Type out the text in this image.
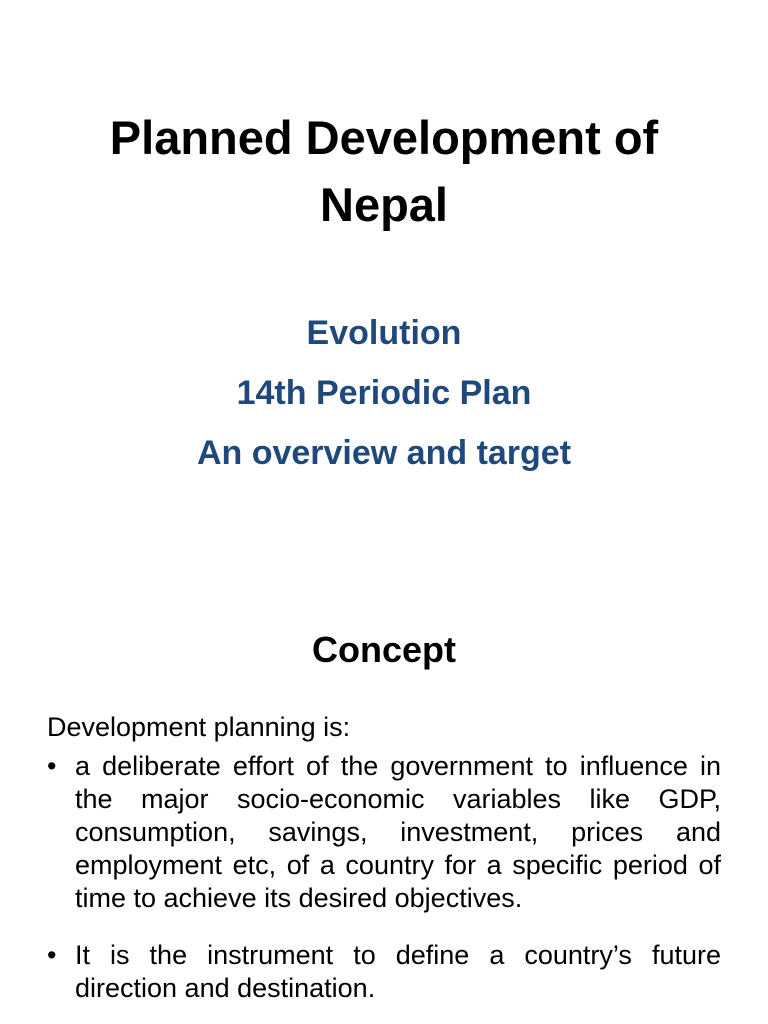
Planned Development of Nepal
Evolution
14th Periodic Plan
An overview and target
Concept

Development planning is:

• a deliberate effort of the government to influence in the major socio-economic variables like GDP, consumption, savings, investment, prices and employment etc, of a country for a specific period of time to achieve its desired objectives.
• It is the instrument to define a country’s future direction and destination.
